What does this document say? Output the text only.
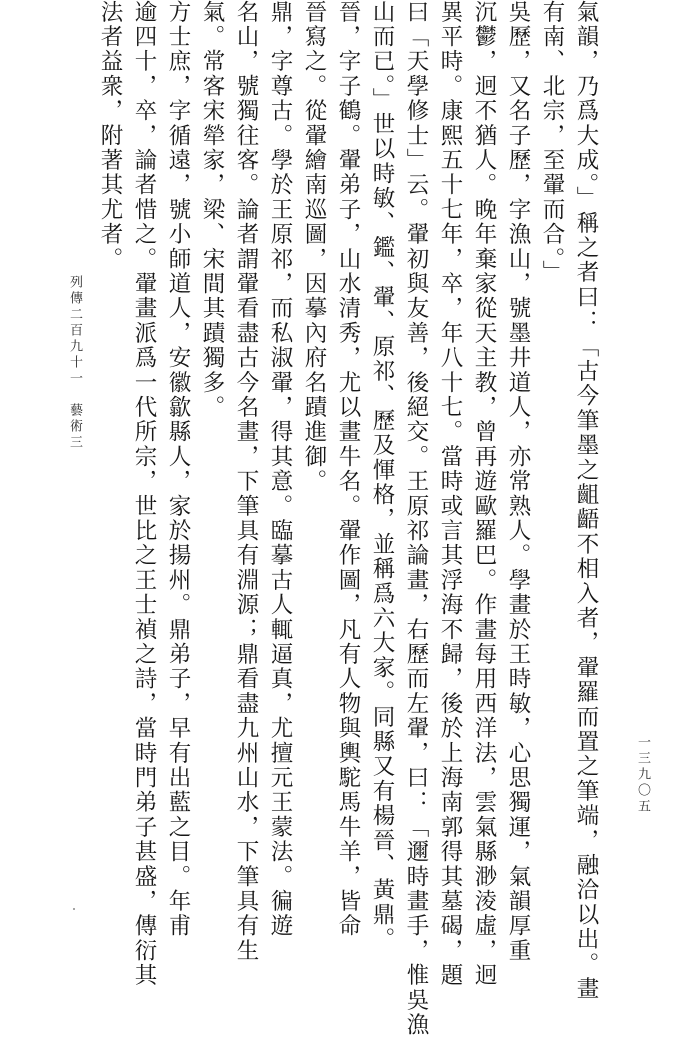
氣韻，乃爲大成。」稱之者曰：「古今筆墨之齟齬不相入者，翬羅而置之筆端，融洽以出。畫
有南、北宗，至翬而合。」
吳歷，又名子歷，字漁山，號墨井道人，亦常熟人。學畫於王時敏，心思獨運，氣韻厚重
沉鬱，迥不猶人。晚年棄家從天主教，曾再遊歐羅巴。作畫每用西洋法，雲氣縣渺淩虛，迥
異平時。康熙五十七年，卒，年八十七。當時或言其浮海不歸，後於上海南郭得其墓碣，題
曰「天學修士」云。翬初與友善，後絕交。王原祁論畫，右歷而左翬，曰：「邇時畫手，惟吳漁
山而已。」世以時敏、鑑、翬、原祁、歷及惲格，並稱爲六大家。同縣又有楊晉、黃鼎。
晉，字子鶴。翬弟子，山水清秀，尤以畫牛名。翬作圖，凡有人物與輿駝馬牛羊，皆命
晉寫之。從翬繪南巡圖，因摹內府名蹟進御。
鼎，字尊古。學於王原祁，而私淑翬，得其意。臨摹古人輒逼真，尤擅元王蒙法。徧遊
名山，號獨往客。論者謂翬看盡古今名畫，下筆具有淵源；鼎看盡九州山水，下筆具有生
氣。常客宋犖家，梁、宋間其蹟獨多。
方士庶，字循遠，號小師道人，安徽歙縣人，家於揚州。鼎弟子，早有出藍之目。年甫
逾四十，卒，論者惜之。翬畫派爲一代所宗，世比之王士禎之詩，當時門弟子甚盛，傳衍其
法者益衆，附著其尤者。
一三九〇五
列傳二百九十一　藝術三
